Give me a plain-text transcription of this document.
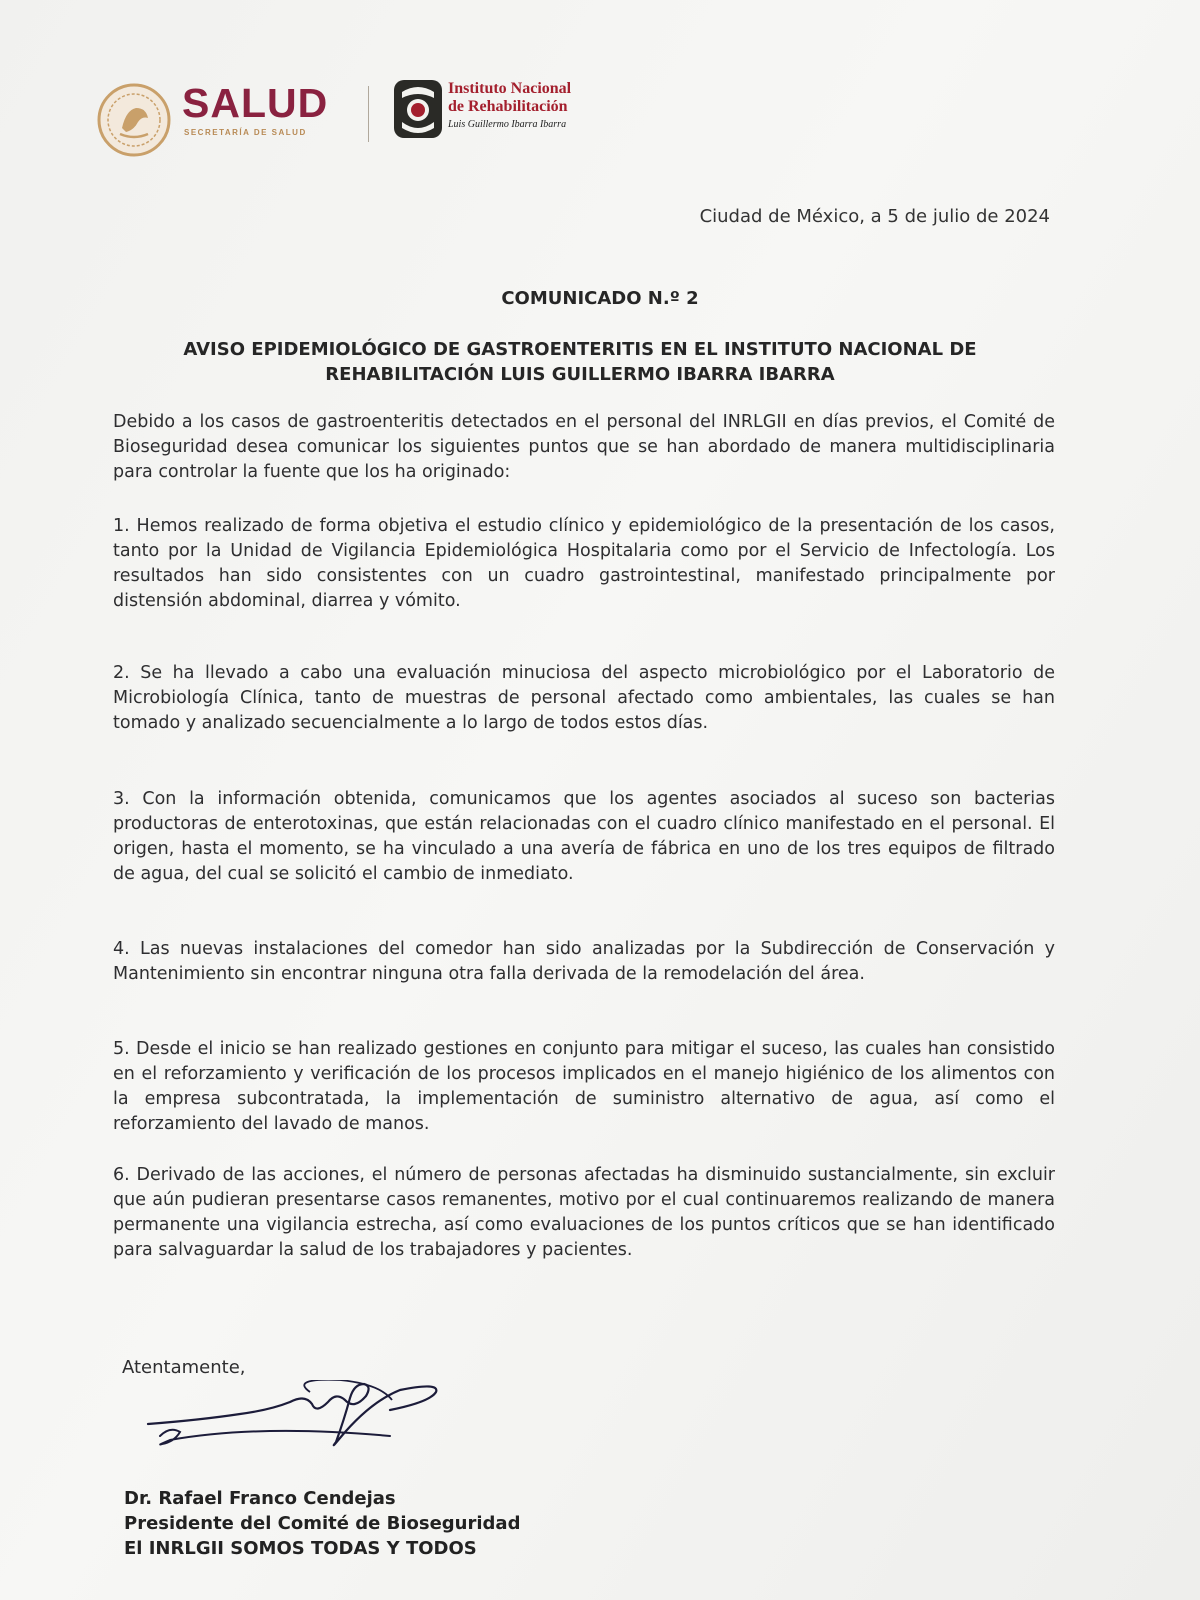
SALUD
SECRETARÍA DE SALUD
Instituto Nacional
de Rehabilitación
Luis Guillermo Ibarra Ibarra
Ciudad de México, a 5 de julio de 2024
COMUNICADO N.º 2
AVISO EPIDEMIOLÓGICO DE GASTROENTERITIS EN EL INSTITUTO NACIONAL DE
REHABILITACIÓN LUIS GUILLERMO IBARRA IBARRA

Debido a los casos de gastroenteritis detectados en el personal del INRLGII en días previos, el Comité de Bioseguridad desea comunicar los siguientes puntos que se han abordado de manera multidisciplinaria para controlar la fuente que los ha originado:

1. Hemos realizado de forma objetiva el estudio clínico y epidemiológico de la presentación de los casos, tanto por la Unidad de Vigilancia Epidemiológica Hospitalaria como por el Servicio de Infectología. Los resultados han sido consistentes con un cuadro gastrointestinal, manifestado principalmente por distensión abdominal, diarrea y vómito.

2. Se ha llevado a cabo una evaluación minuciosa del aspecto microbiológico por el Laboratorio de Microbiología Clínica, tanto de muestras de personal afectado como ambientales, las cuales se han tomado y analizado secuencialmente a lo largo de todos estos días.

3. Con la información obtenida, comunicamos que los agentes asociados al suceso son bacterias productoras de enterotoxinas, que están relacionadas con el cuadro clínico manifestado en el personal. El origen, hasta el momento, se ha vinculado a una avería de fábrica en uno de los tres equipos de filtrado de agua, del cual se solicitó el cambio de inmediato.

4. Las nuevas instalaciones del comedor han sido analizadas por la Subdirección de Conservación y Mantenimiento sin encontrar ninguna otra falla derivada de la remodelación del área.

5. Desde el inicio se han realizado gestiones en conjunto para mitigar el suceso, las cuales han consistido en el reforzamiento y verificación de los procesos implicados en el manejo higiénico de los alimentos con la empresa subcontratada, la implementación de suministro alternativo de agua, así como el reforzamiento del lavado de manos.

6. Derivado de las acciones, el número de personas afectadas ha disminuido sustancialmente, sin excluir que aún pudieran presentarse casos remanentes, motivo por el cual continuaremos realizando de manera permanente una vigilancia estrecha, así como evaluaciones de los puntos críticos que se han identificado para salvaguardar la salud de los trabajadores y pacientes.

Atentamente,
Dr. Rafael Franco Cendejas
Presidente del Comité de Bioseguridad
El INRLGII SOMOS TODAS Y TODOS
